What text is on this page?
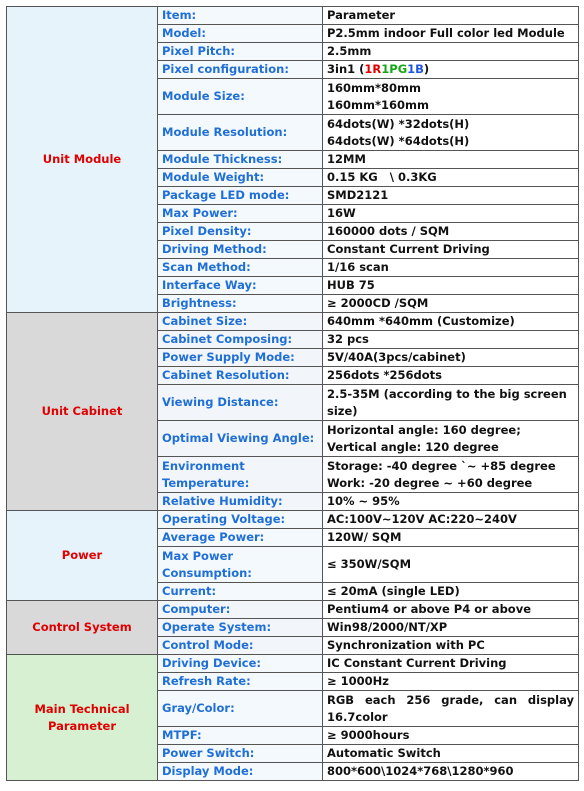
Unit Module	Item:	Parameter
	Model:	P2.5mm indoor Full color led Module
	Pixel Pitch:	2.5mm
	Pixel configuration:	3in1 (1R1PG1B)
	Module Size:	160mm*80mm
160mm*160mm

	Module Resolution:	64dots(W) *32dots(H)
64dots(W) *64dots(H)

	Module Thickness:	12MM
	Module Weight:	0.15 KG   \ 0.3KG
	Package LED mode:	SMD2121
	Max Power:	16W
	Pixel Density:	160000 dots / SQM
	Driving Method:	Constant Current Driving
	Scan Method:	1/16 scan
	Interface Way:	HUB 75
	Brightness:	≥ 2000CD /SQM
Unit Cabinet	Cabinet Size:	640mm *640mm (Customize)
	Cabinet Composing:	32 pcs
	Power Supply Mode:	5V/40A(3pcs/cabinet)
	Cabinet Resolution:	256dots *256dots
	Viewing Distance:	2.5-35M (according to the big screen size)
	Optimal Viewing Angle:	Horizontal angle: 160 degree;
Vertical angle: 120 degree

	Environment Temperature:	Storage: -40 degree `~ +85 degree
Work: -20 degree ~ +60 degree

	Relative Humidity:	10% ~ 95%
Power	Operating Voltage:	AC:100V~120V AC:220~240V
	Average Power:	120W/ SQM
	Max Power Consumption:	≤ 350W/SQM
	Current:	≤ 20mA (single LED)
Control System	Computer:	Pentium4 or above P4 or above
	Operate System:	Win98/2000/NT/XP
	Control Mode:	Synchronization with PC

Main Technical
Parameter	Driving Device:	IC Constant Current Driving
	Refresh Rate:	≥ 1000Hz
	Gray/Color:	RGB each 256 grade, can display 16.7color
	MTPF:	≥ 9000hours
	Power Switch:	Automatic Switch
	Display Mode:	800*600\1024*768\1280*960
